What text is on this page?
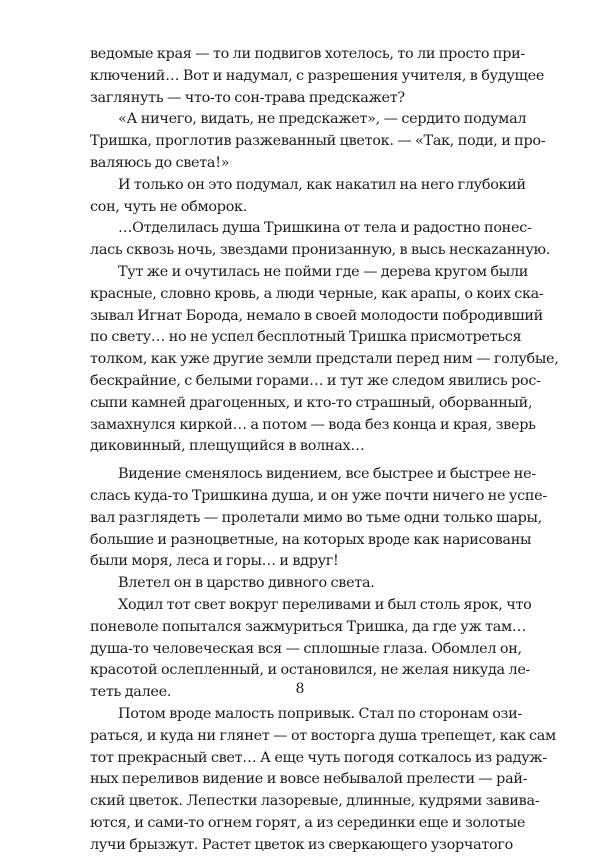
ведомые края — то ли подвигов хотелось, то ли просто при-
ключений… Вот и надумал, с разрешения учителя, в будущее
заглянуть — что-то сон-трава предскажет?
«А ничего, видать, не предскажет», — сердито подумал
Тришка, проглотив разжеванный цветок. — «Так, поди, и про-
валяюсь до света!»
И только он это подумал, как накатил на него глубокий
сон, чуть не обморок.
…Отделилась душа Тришкина от тела и радостно понес-
лась сквозь ночь, звездами пронизанную, в высь нескazанную.
Тут же и очутилась не пойми где — дерева кругом были
красные, словно кровь, а люди черные, как арапы, о коих ска-
зывал Игнат Борода, немало в своей молодости побродивший
по свету… но не успел бесплотный Тришка присмотреться
толком, как уже другие земли предстали перед ним — голубые,
бескрайние, с белыми горами… и тут же следом явились рос-
сыпи камней драгоценных, и кто-то страшный, оборванный,
замахнулся киркой… а потом — вода без конца и края, зверь
диковинный, плещущийся в волнах…
Видение сменялось видением, все быстрее и быстрее не-
слась куда-то Тришкина душа, и он уже почти ничего не успе-
вал разглядеть — пролетали мимо во тьме одни только шары,
большие и разноцветные, на которых вроде как нарисованы
были моря, леса и горы… и вдруг!
Влетел он в царство дивного света.
Ходил тот свет вокруг переливами и был столь ярок, что
поневоле попытался зажмуриться Тришка, да где уж там…
душа-то человеческая вся — сплошные глаза. Обомлел он,
красотой ослепленный, и остановился, не желая никуда ле-
теть далее.
Потом вроде малость попривык. Стал по сторонам ози-
раться, и куда ни глянет — от восторга душа трепещет, как сам
тот прекрасный свет… А еще чуть погодя соткалось из радуж-
ных переливов видение и вовсе небывалой прелести — рай-
ский цветок. Лепестки лазоревые, длинные, кудрями завива-
ются, и сами-то огнем горят, а из серединки еще и золотые
лучи брызжут. Растет цветок из сверкающего узорчатого
8
